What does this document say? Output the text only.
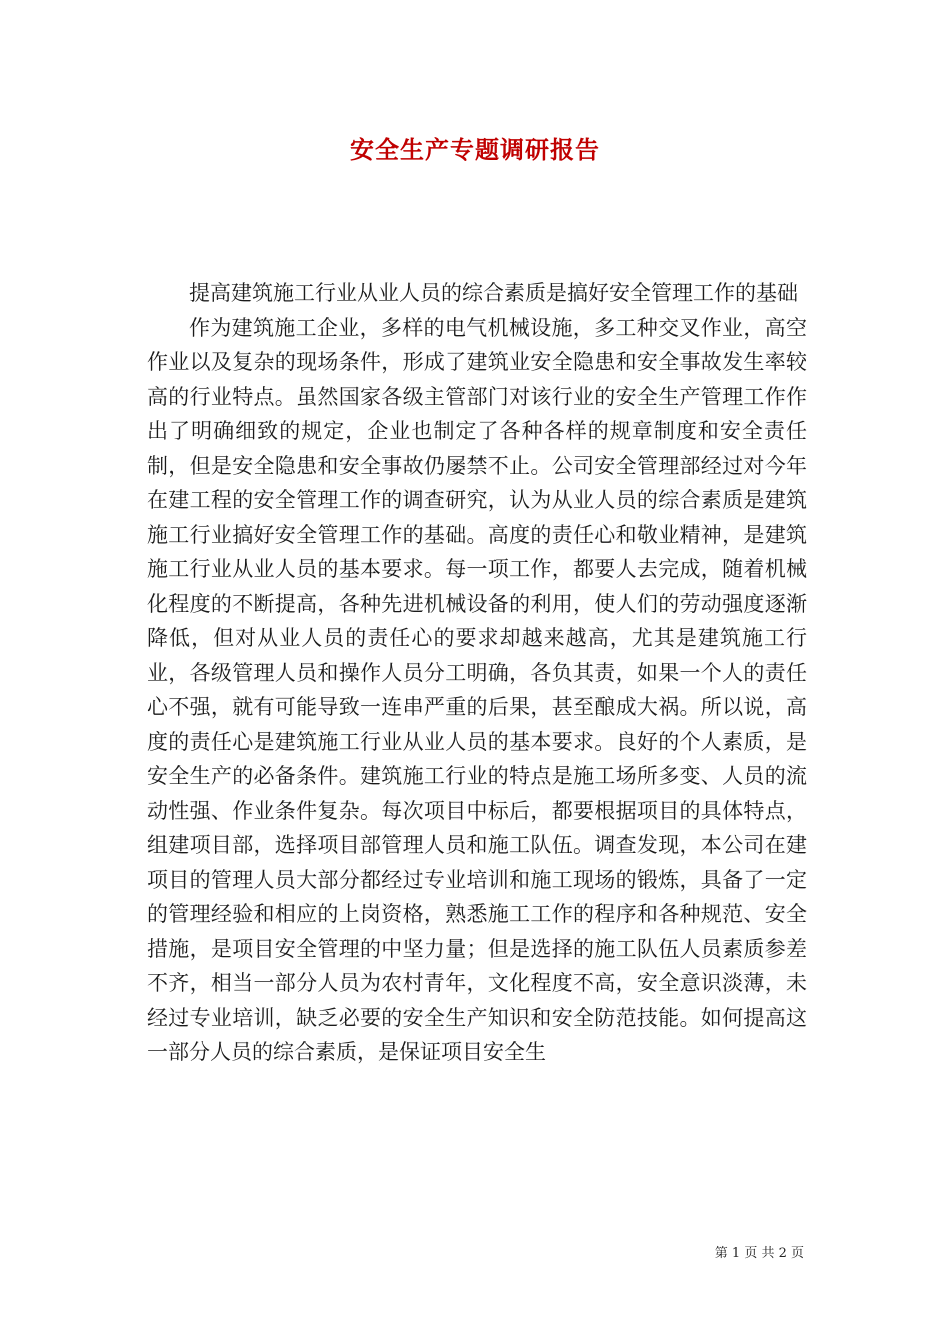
安全生产专题调研报告

提高建筑施工行业从业人员的综合素质是搞好安全管理工作的基础

作为建筑施工企业，多样的电气机械设施，多工种交叉作业，高空作业以及复杂的现场条件，形成了建筑业安全隐患和安全事故发生率较高的行业特点。虽然国家各级主管部门对该行业的安全生产管理工作作出了明确细致的规定，企业也制定了各种各样的规章制度和安全责任制，但是安全隐患和安全事故仍屡禁不止。公司安全管理部经过对今年在建工程的安全管理工作的调查研究，认为从业人员的综合素质是建筑施工行业搞好安全管理工作的基础。高度的责任心和敬业精神，是建筑施工行业从业人员的基本要求。每一项工作，都要人去完成，随着机械化程度的不断提高，各种先进机械设备的利用，使人们的劳动强度逐渐降低，但对从业人员的责任心的要求却越来越高，尤其是建筑施工行业，各级管理人员和操作人员分工明确，各负其责，如果一个人的责任心不强，就有可能导致一连串严重的后果，甚至酿成大祸。所以说，高度的责任心是建筑施工行业从业人员的基本要求。良好的个人素质，是安全生产的必备条件。建筑施工行业的特点是施工场所多变、人员的流动性强、作业条件复杂。每次项目中标后，都要根据项目的具体特点，组建项目部，选择项目部管理人员和施工队伍。调查发现，本公司在建项目的管理人员大部分都经过专业培训和施工现场的锻炼，具备了一定的管理经验和相应的上岗资格，熟悉施工工作的程序和各种规范、安全措施，是项目安全管理的中坚力量；但是选择的施工队伍人员素质参差不齐，相当一部分人员为农村青年，文化程度不高，安全意识淡薄，未经过专业培训，缺乏必要的安全生产知识和安全防范技能。如何提高这一部分人员的综合素质，是保证项目安全生

第 1 页 共 2 页
